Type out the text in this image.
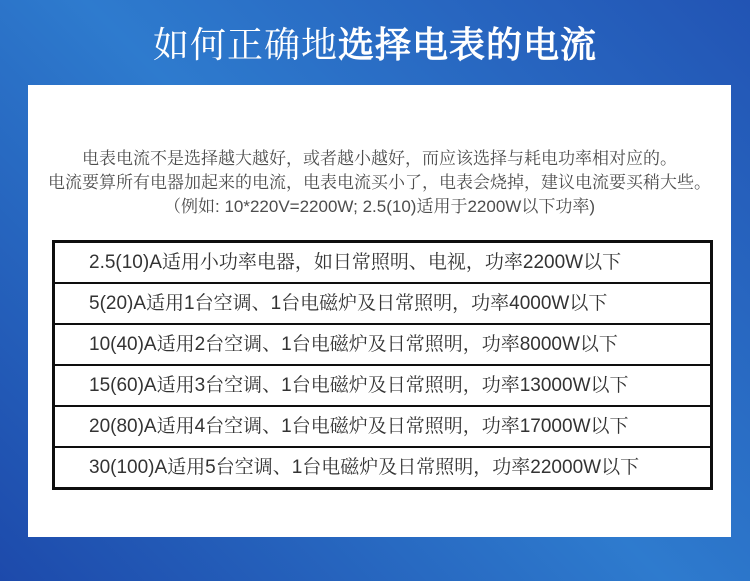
如何正确地选择电表的电流
电表电流不是选择越大越好，或者越小越好，而应该选择与耗电功率相对应的。
电流要算所有电器加起来的电流，电表电流买小了，电表会烧掉，建议电流要买稍大些。
（例如: 10*220V=2200W; 2.5(10)适用于2200W以下功率)
2.5(10)A适用小功率电器，如日常照明、电视，功率2200W以下
5(20)A适用1台空调、1台电磁炉及日常照明，功率4000W以下
10(40)A适用2台空调、1台电磁炉及日常照明，功率8000W以下
15(60)A适用3台空调、1台电磁炉及日常照明，功率13000W以下
20(80)A适用4台空调、1台电磁炉及日常照明，功率17000W以下
30(100)A适用5台空调、1台电磁炉及日常照明，功率22000W以下
